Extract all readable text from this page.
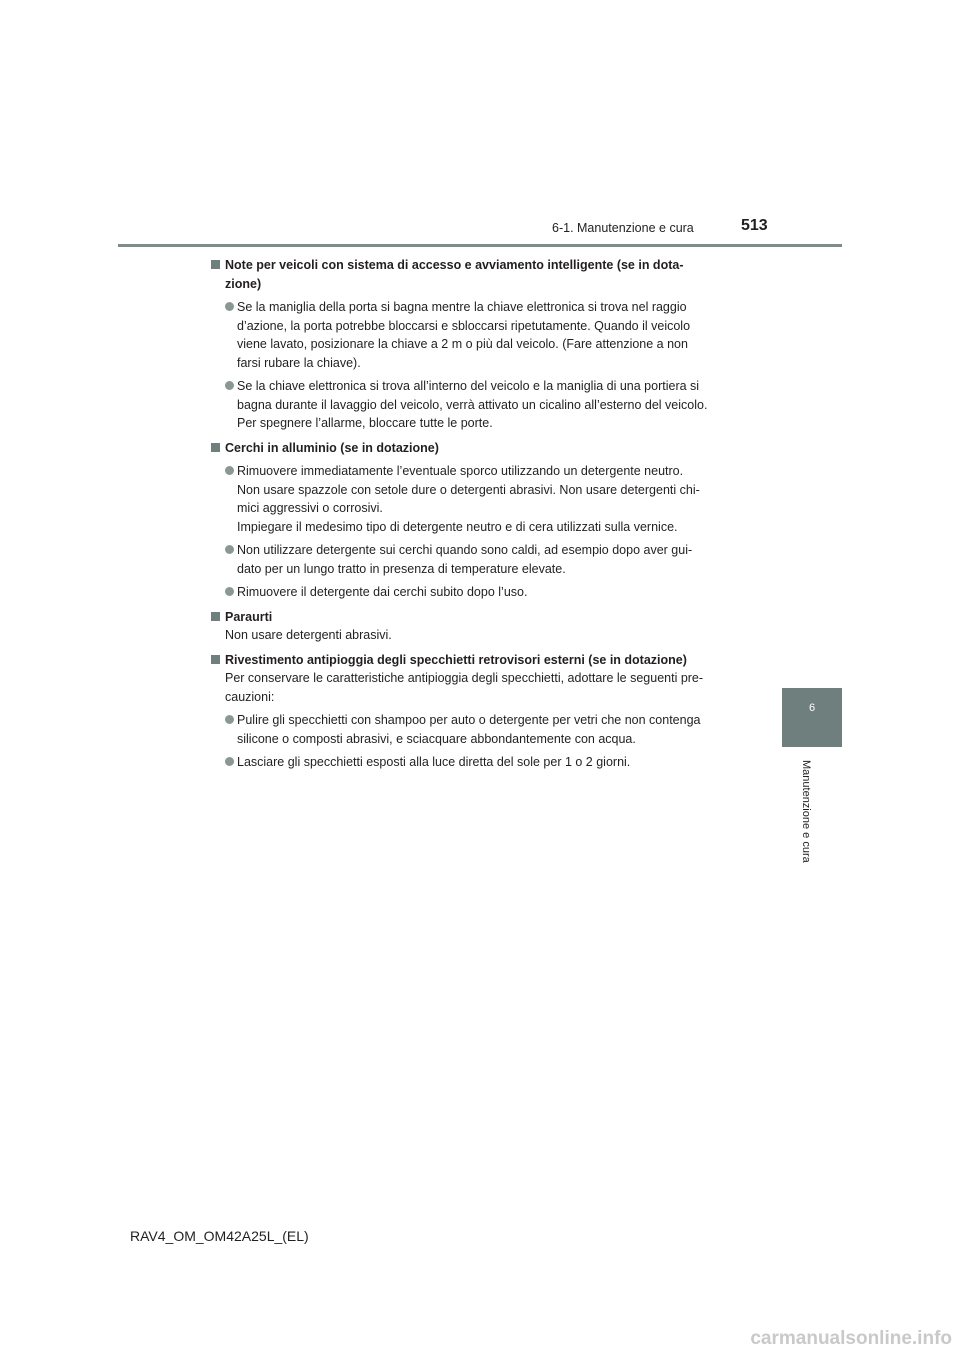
6-1. Manutenzione e cura	513
6
Manutenzione e cura
Note per veicoli con sistema di accesso e avviamento intelligente (se in dota-
zione)
Se la maniglia della porta si bagna mentre la chiave elettronica si trova nel raggio
d’azione, la porta potrebbe bloccarsi e sbloccarsi ripetutamente. Quando il veicolo
viene lavato, posizionare la chiave a 2 m o più dal veicolo. (Fare attenzione a non
farsi rubare la chiave).
Se la chiave elettronica si trova all’interno del veicolo e la maniglia di una portiera si
bagna durante il lavaggio del veicolo, verrà attivato un cicalino all’esterno del veicolo.
Per spegnere l’allarme, bloccare tutte le porte.
Cerchi in alluminio (se in dotazione)
Rimuovere immediatamente l’eventuale sporco utilizzando un detergente neutro.
Non usare spazzole con setole dure o detergenti abrasivi. Non usare detergenti chi-
mici aggressivi o corrosivi.
Impiegare il medesimo tipo di detergente neutro e di cera utilizzati sulla vernice.
Non utilizzare detergente sui cerchi quando sono caldi, ad esempio dopo aver gui-
dato per un lungo tratto in presenza di temperature elevate.
Rimuovere il detergente dai cerchi subito dopo l’uso.
Paraurti
Non usare detergenti abrasivi.
Rivestimento antipioggia degli specchietti retrovisori esterni (se in dotazione)
Per conservare le caratteristiche antipioggia degli specchietti, adottare le seguenti pre-
cauzioni:
Pulire gli specchietti con shampoo per auto o detergente per vetri che non contenga
silicone o composti abrasivi, e sciacquare abbondantemente con acqua.
Lasciare gli specchietti esposti alla luce diretta del sole per 1 o 2 giorni.
RAV4_OM_OM42A25L_(EL)
carmanualsonline.info
